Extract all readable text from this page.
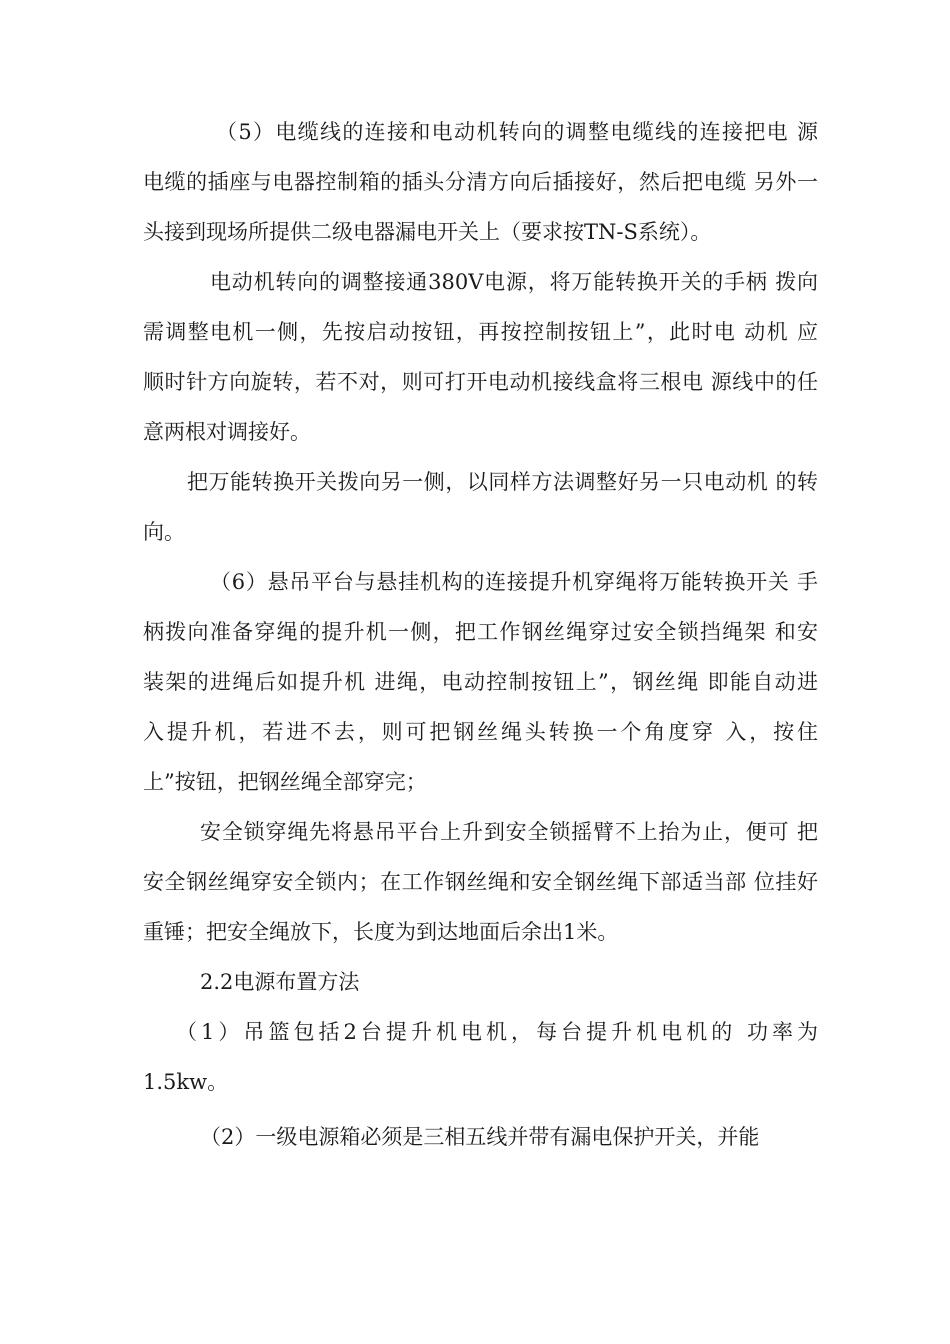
（5）电缆线的连接和电动机转向的调整电缆线的连接把电 源
电缆的插座与电器控制箱的插头分清方向后插接好，然后把电缆 另外一
头接到现场所提供二级电器漏电开关上（要求按TN-S系统）。
电动机转向的调整接通380V电源，将万能转换开关的手柄 拨向
需调整电机一侧，先按启动按钮，再按控制按钮上”，此时电 动机 应
顺时针方向旋转，若不对，则可打开电动机接线盒将三根电 源线中的任
意两根对调接好。
把万能转换开关拨向另一侧，以同样方法调整好另一只电动机 的转
向。
（6）悬吊平台与悬挂机构的连接提升机穿绳将万能转换开关 手
柄拨向准备穿绳的提升机一侧，把工作钢丝绳穿过安全锁挡绳架 和安
装架的进绳后如提升机 进绳，电动控制按钮上”，钢丝绳 即能自动进
入提升机，若进不去，则可把钢丝绳头转换一个角度穿 入，按住
上”按钮，把钢丝绳全部穿完；
安全锁穿绳先将悬吊平台上升到安全锁摇臂不上抬为止，便可 把
安全钢丝绳穿安全锁内；在工作钢丝绳和安全钢丝绳下部适当部 位挂好
重锤；把安全绳放下，长度为到达地面后余出1米。
2.2电源布置方法
（1）吊篮包括2台提升机电机，每台提升机电机的 功率为
1.5kw。
（2）一级电源箱必须是三相五线并带有漏电保护开关，并能
